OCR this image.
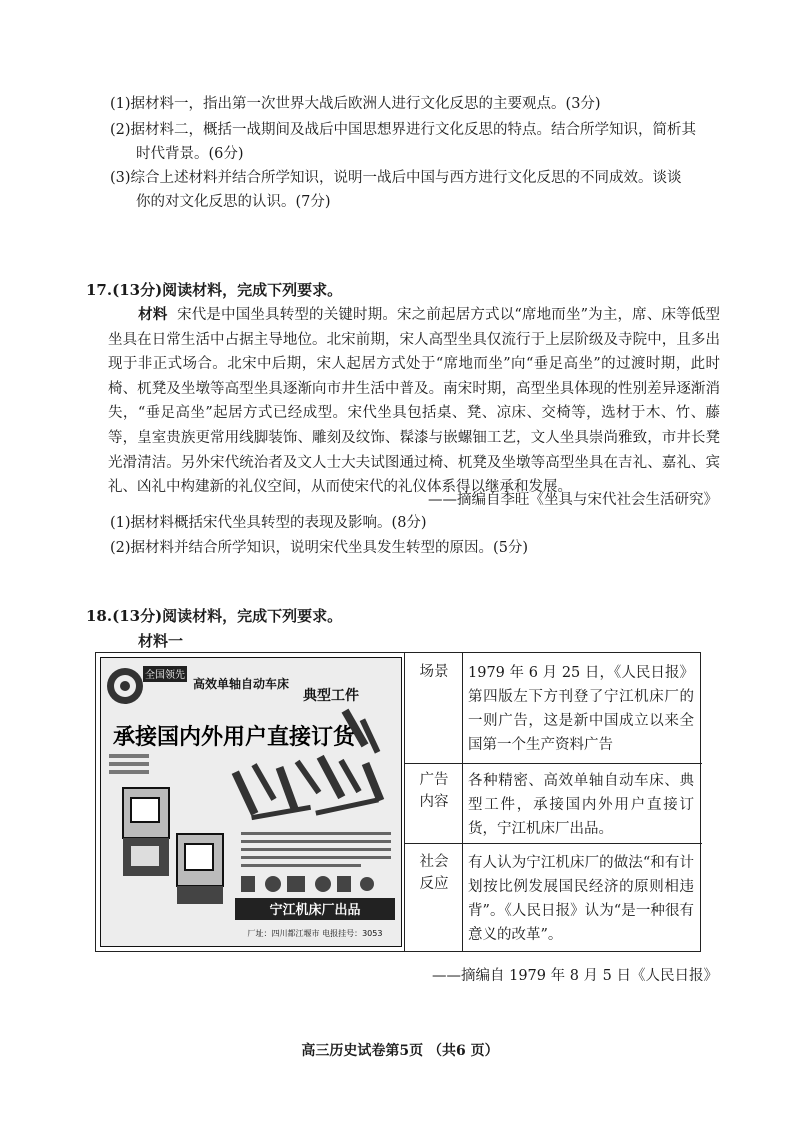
(1)据材料一，指出第一次世界大战后欧洲人进行文化反思的主要观点。(3分)
(2)据材料二，概括一战期间及战后中国思想界进行文化反思的特点。结合所学知识，简析其
时代背景。(6分)
(3)综合上述材料并结合所学知识，说明一战后中国与西方进行文化反思的不同成效。谈谈
你的对文化反思的认识。(7分)
17.(13分)阅读材料，完成下列要求。
材料 宋代是中国坐具转型的关键时期。宋之前起居方式以“席地而坐”为主，席、床等低型坐具在日常生活中占据主导地位。北宋前期，宋人高型坐具仅流行于上层阶级及寺院中，且多出现于非正式场合。北宋中后期，宋人起居方式处于“席地而坐”向“垂足高坐”的过渡时期，此时椅、杌凳及坐墩等高型坐具逐渐向市井生活中普及。南宋时期，高型坐具体现的性别差异逐渐消失，“垂足高坐”起居方式已经成型。宋代坐具包括桌、凳、凉床、交椅等，选材于木、竹、藤等，皇室贵族更常用线脚装饰、雕刻及纹饰、髹漆与嵌螺钿工艺，文人坐具崇尚雅致，市井长凳光滑清洁。另外宋代统治者及文人士大夫试图通过椅、杌凳及坐墩等高型坐具在吉礼、嘉礼、宾礼、凶礼中构建新的礼仪空间，从而使宋代的礼仪体系得以继承和发展。
——摘编自李旺《坐具与宋代社会生活研究》
(1)据材料概括宋代坐具转型的表现及影响。(8分)
(2)据材料并结合所学知识，说明宋代坐具发生转型的原因。(5分)
18.(13分)阅读材料，完成下列要求。
材料一
全国领先
高效单轴自动车床
典型工件
承接国内外用户直接订货
宁江机床厂出品
厂址：四川都江堰市 电报挂号：3053
场景	1979 年 6 月 25 日，《人民日报》第四版左下方刊登了宁江机床厂的一则广告，这是新中国成立以来全国第一个生产资料广告
广告
内容
各种精密、高效单轴自动车床、典型工件，承接国内外用户直接订货，宁江机床厂出品。
社会
反应
有人认为宁江机床厂的做法“和有计划按比例发展国民经济的原则相违背”。《人民日报》认为“是一种很有意义的改革”。
——摘编自 1979 年 8 月 5 日《人民日报》
高三历史试卷第5页 （共6 页）
